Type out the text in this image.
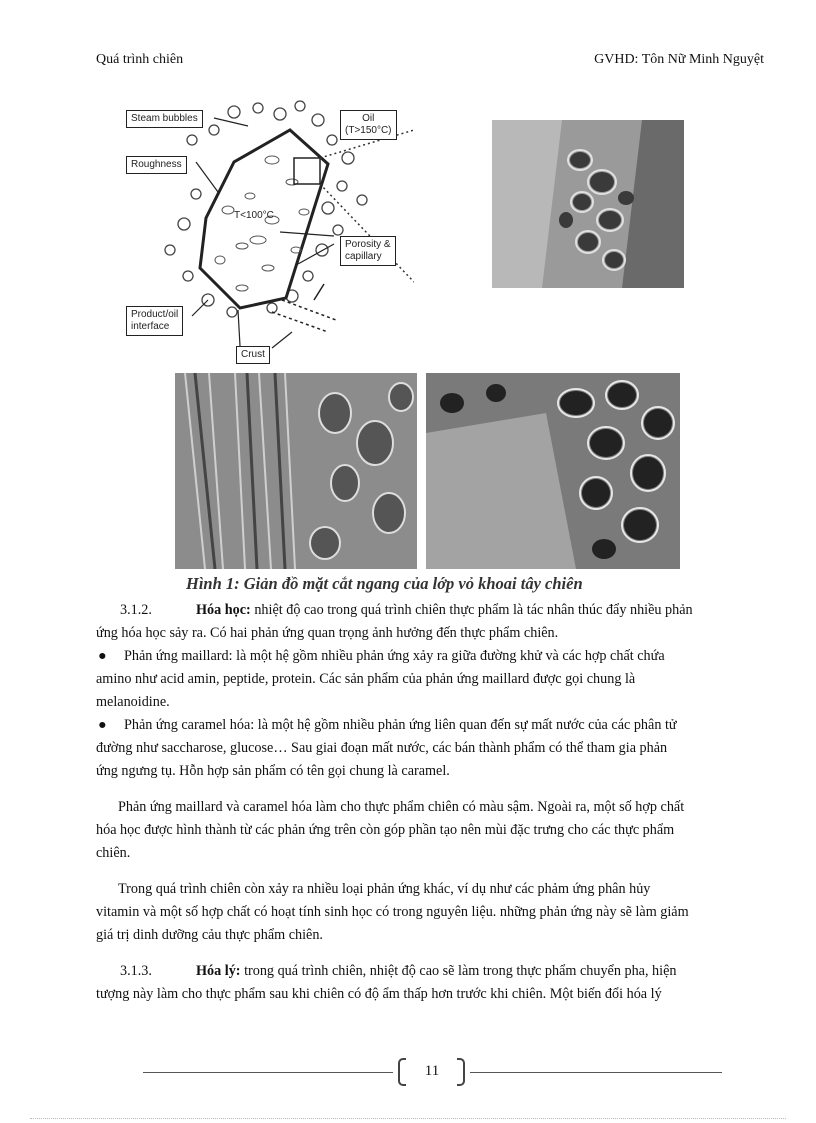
Quá trình chiên	GVHD: Tôn Nữ Minh Nguyệt
Steam bubbles
Roughness
Oil
(T>150°C)
T<100°C
Porosity &
capillary
Product/oil
interface
Crust
Hình 1: Giản đồ mặt cắt ngang của lớp vỏ khoai tây chiên
3.1.2.	Hóa học: nhiệt độ cao trong quá trình chiên thực phẩm là tác nhân thúc đẩy nhiều phản
ứng hóa học sảy ra. Có hai phản ứng quan trọng ảnh hưởng đến thực phẩm chiên.
● Phản ứng maillard: là một hệ gồm nhiều phản ứng xảy ra giữa đường khử và các hợp chất chứa
amino như acid amin, peptide, protein. Các sản phẩm của phản ứng maillard được gọi chung là
melanoidine.
● Phản ứng caramel hóa: là một hệ gồm nhiều phản ứng liên quan đến sự mất nước của các phân tử
đường như saccharose, glucose… Sau giai đoạn mất nước, các bán thành phẩm có thể tham gia phản
ứng ngưng tụ. Hỗn hợp sản phẩm có tên gọi chung là caramel.
Phản ứng maillard và caramel hóa làm cho thực phẩm chiên có màu sậm. Ngoài ra, một số hợp chất
hóa học được hình thành từ các phản ứng trên còn góp phần tạo nên mùi đặc trưng cho các thực phẩm
chiên.
Trong quá trình chiên còn xảy ra nhiều loại phản ứng khác, ví dụ như các phảm ứng phân hủy
vitamin và một số hợp chất có hoạt tính sinh học có trong nguyên liệu. những phản ứng này sẽ làm giảm
giá trị dinh dưỡng cảu thực phẩm chiên.
3.1.3.	Hóa lý: trong quá trình chiên, nhiệt độ cao sẽ làm trong thực phẩm chuyển pha, hiện
tượng này làm cho thực phẩm sau khi chiên có độ ẩm thấp hơn trước khi chiên. Một biến đổi hóa lý
11
